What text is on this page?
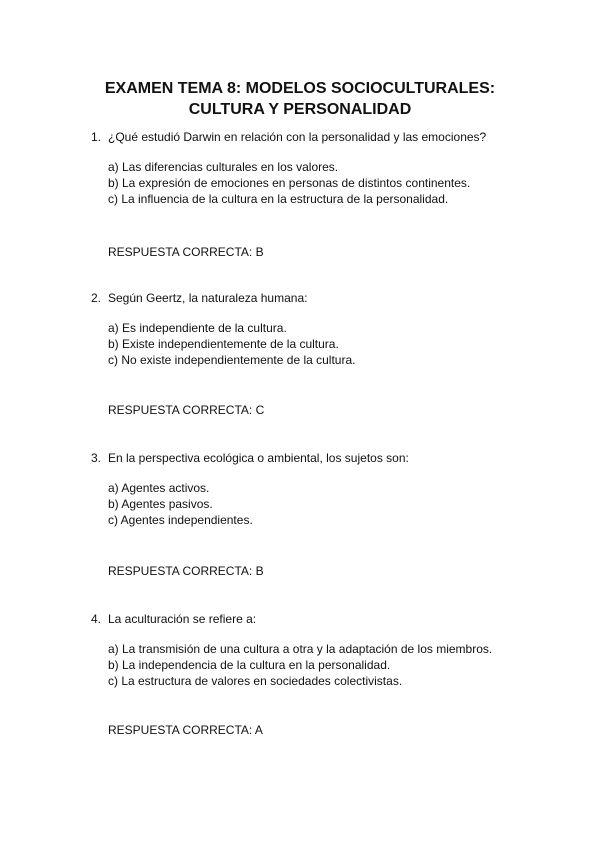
EXAMEN TEMA 8: MODELOS SOCIOCULTURALES:
CULTURA Y PERSONALIDAD
1. ¿Qué estudió Darwin en relación con la personalidad y las emociones?
a) Las diferencias culturales en los valores.
b) La expresión de emociones en personas de distintos continentes.
c) La influencia de la cultura en la estructura de la personalidad.
RESPUESTA CORRECTA: B
2. Según Geertz, la naturaleza humana:
a) Es independiente de la cultura.
b) Existe independientemente de la cultura.
c) No existe independientemente de la cultura.
RESPUESTA CORRECTA: C
3. En la perspectiva ecológica o ambiental, los sujetos son:
a) Agentes activos.
b) Agentes pasivos.
c) Agentes independientes.
RESPUESTA CORRECTA: B
4. La aculturación se refiere a:
a) La transmisión de una cultura a otra y la adaptación de los miembros.
b) La independencia de la cultura en la personalidad.
c) La estructura de valores en sociedades colectivistas.
RESPUESTA CORRECTA: A
